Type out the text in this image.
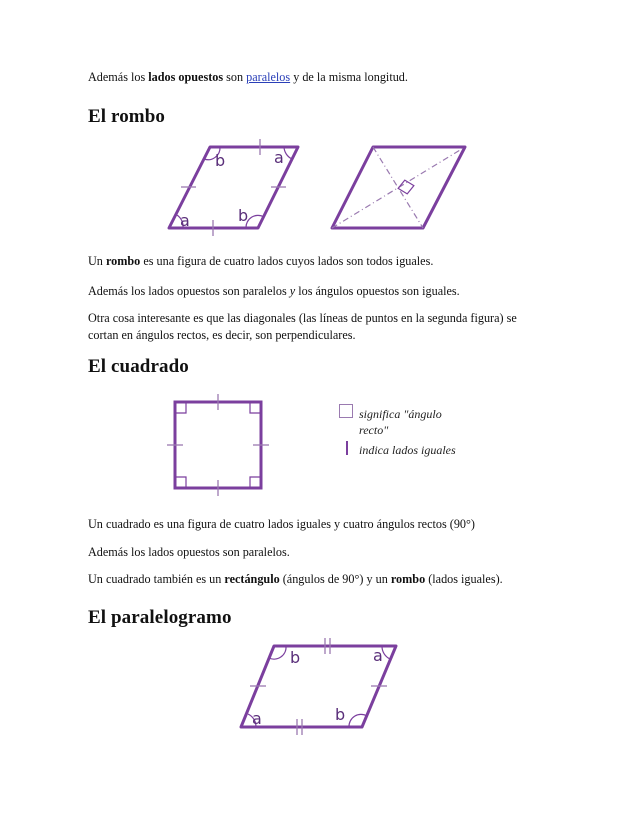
Además los lados opuestos son paralelos y de la misma longitud.

El rombo
b	a
a	b

Un rombo es una figura de cuatro lados cuyos lados son todos iguales.

Además los lados opuestos son paralelos y los ángulos opuestos son iguales.

Otra cosa interesante es que las diagonales (las líneas de puntos en la segunda figura) se
cortan en ángulos rectos, es decir, son perpendiculares.

El cuadrado
significa "ángulo
recto"
indica lados iguales

Un cuadrado es una figura de cuatro lados iguales y cuatro ángulos rectos (90°)

Además los lados opuestos son paralelos.

Un cuadrado también es un rectángulo (ángulos de 90°) y un rombo (lados iguales).

El paralelogramo
b	a
a	b
